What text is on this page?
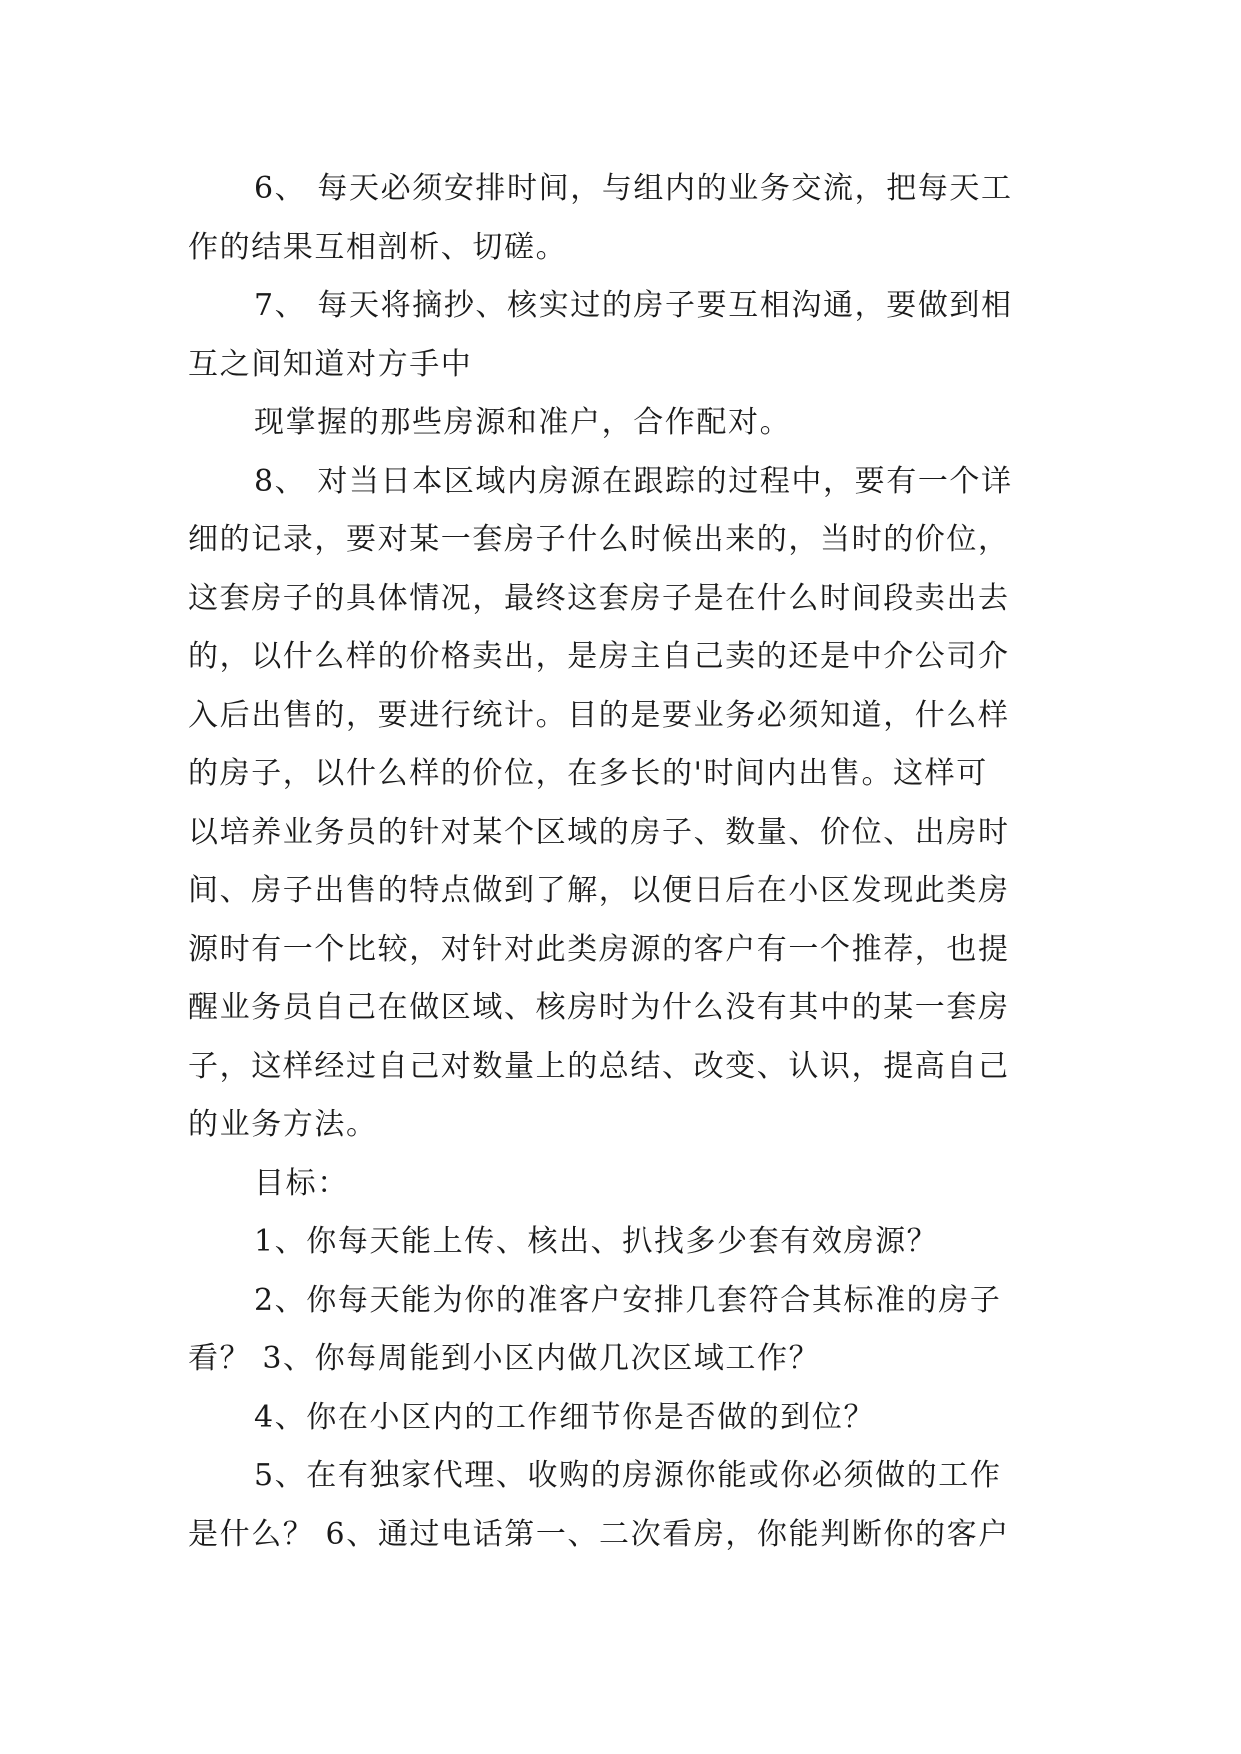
6、 每天必须安排时间，与组内的业务交流，把每天工
作的结果互相剖析、切磋。
7、 每天将摘抄、核实过的房子要互相沟通，要做到相
互之间知道对方手中
现掌握的那些房源和准户，合作配对。
8、 对当日本区域内房源在跟踪的过程中，要有一个详
细的记录，要对某一套房子什么时候出来的，当时的价位，
这套房子的具体情况，最终这套房子是在什么时间段卖出去
的，以什么样的价格卖出，是房主自己卖的还是中介公司介
入后出售的，要进行统计。目的是要业务必须知道，什么样
的房子，以什么样的价位，在多长的'时间内出售。这样可
以培养业务员的针对某个区域的房子、数量、价位、出房时
间、房子出售的特点做到了解，以便日后在小区发现此类房
源时有一个比较，对针对此类房源的客户有一个推荐，也提
醒业务员自己在做区域、核房时为什么没有其中的某一套房
子，这样经过自己对数量上的总结、改变、认识，提高自己
的业务方法。
目标：
1、你每天能上传、核出、扒找多少套有效房源？
2、你每天能为你的准客户安排几套符合其标准的房子
看？ 3、你每周能到小区内做几次区域工作？
4、你在小区内的工作细节你是否做的到位？
5、在有独家代理、收购的房源你能或你必须做的工作
是什么？ 6、通过电话第一、二次看房，你能判断你的客户
